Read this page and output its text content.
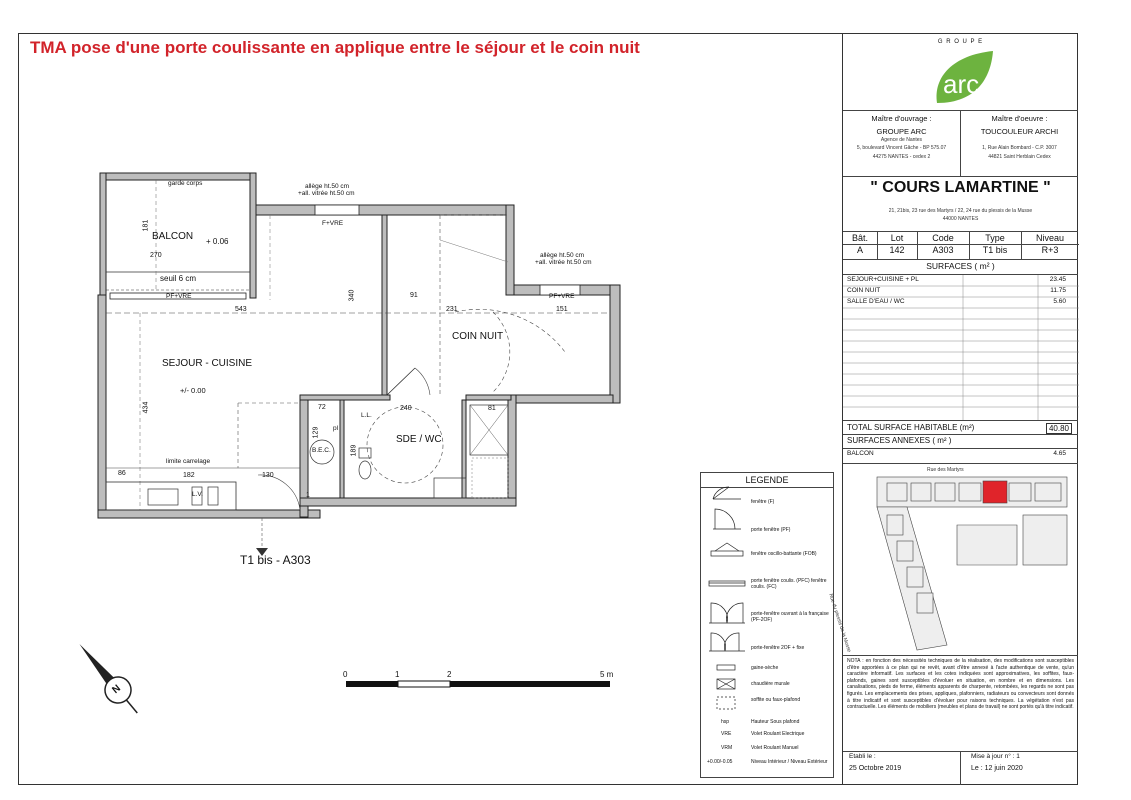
TMA pose d'une porte coulissante en applique entre le séjour et le coin nuit
garde corps
BALCON + 0.06
270
181
seuil 6 cm
PF+VRE
allège ht.50 cm
+all. vitrée ht.50 cm
F+VRE
allège ht.50 cm
+all. vitrée ht.50 cm
PF+VRE
543
340	91
231	151
COIN NUIT
SEJOUR - CUISINE
+/- 0.00
434	72	240	81
129
189
pl
L.L.
B.E.C.
SDE / WC
limite carrelage
86	182	130
L.V.	1
T1 bis - A303
0	1	2	5 m
N
LEGENDE
fenêtre (F)
porte fenêtre (PF)
fenêtre oscillo-battante (FOB)
porte fenêtre coulis. (PFC) fenêtre coulis. (FC)
porte-fenêtre ouvrant à la française (PF-2OF)
porte-fenêtre 2OF + fixe
gaine-sèche
chaudière murale
soffite ou faux-plafond
Hauteur Sous plafond
Volet Roulant Electrique
Volet Roulant Manuel
Niveau Intérieur / Niveau Extérieur
hsp
VRE
VRM
+0.00/-0.05
G R O U P E
arc
Maître d'ouvrage :
GROUPE ARC
Agence de Nantes
5, boulevard Vincent Gâche - BP 575.07
44275 NANTES - cedex 2
Maître d'oeuvre :
TOUCOULEUR ARCHI
1, Rue Alain Bombard - C.P. 3007
44821 Saint Herblain Cedex
" COURS LAMARTINE "
21, 21bis, 23 rue des Martyrs / 22, 24 rue du plessis de la Musse
44000 NANTES
Bât.	Lot	Code	Type	Niveau
A	142	A303	T1 bis	R+3
SURFACES ( m² )
SEJOUR+CUISINE + PL	23.45
COIN NUIT	11.75
SALLE D'EAU / WC	5.60
TOTAL SURFACE HABITABLE (m²)	40.80
SURFACES ANNEXES ( m² )
BALCON	4.65
Rue des Martyrs
Rue du plessis de la Musse
NOTA : en fonction des nécessités techniques de la réalisation, des modifications sont susceptibles d'être apportées à ce plan qui ne revêt, avant d'être annexé à l'acte authentique de vente, qu'un caractère informatif. Les surfaces et les cotes indiquées sont approximatives, les soffites, faux-plafonds, gaines sont susceptibles d'évoluer en situation, en nombre et en dimensions. Les canalisations, pieds de ferme, éléments apparents de charpente, retombées, les regards ne sont pas figurés. Les emplacements des prises, appliques, plafonniers, radiateurs ou convecteurs sont donnés à titre indicatif et sont susceptibles d'évoluer pour raisons techniques. La végétation n'est pas contractuelle. Les éléments de mobiliers (meubles et plans de travail) ne sont portés qu'à titre indicatif.
Etabli le :
25 Octobre 2019
Mise à jour n° : 1
Le : 12 juin 2020
